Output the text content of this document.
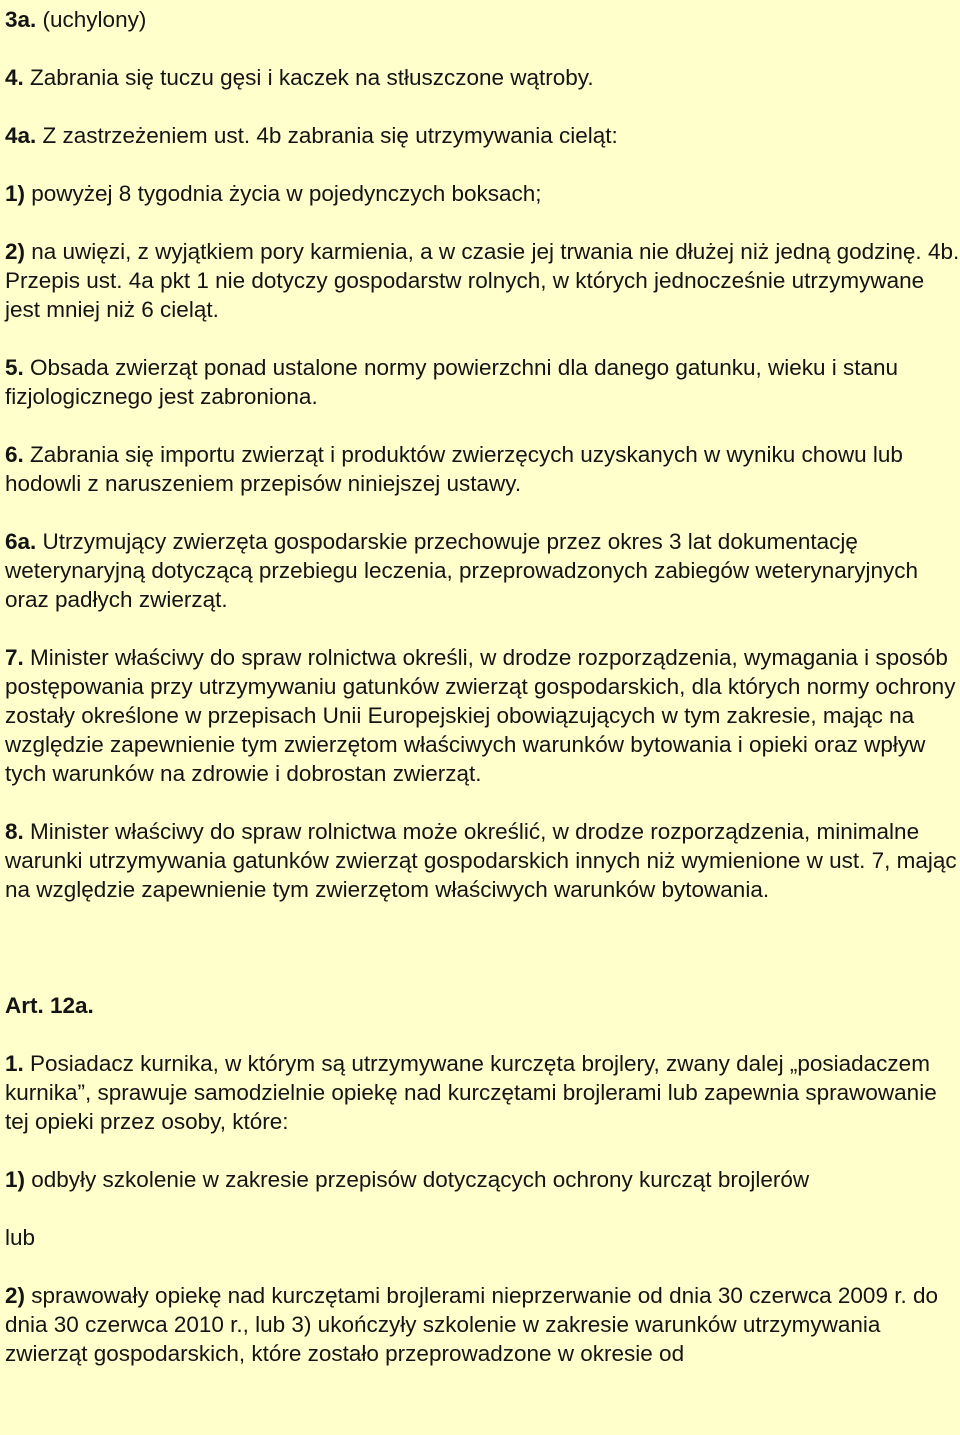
3a. (uchylony)

4. Zabrania się tuczu gęsi i kaczek na stłuszczone wątroby.

4a. Z zastrzeżeniem ust. 4b zabrania się utrzymywania cieląt:

1) powyżej 8 tygodnia życia w pojedynczych boksach;

2) na uwięzi, z wyjątkiem pory karmienia, a w czasie jej trwania nie dłużej niż jedną godzinę. 4b. Przepis ust. 4a pkt 1 nie dotyczy gospodarstw rolnych, w których jednocześnie utrzymywane jest mniej niż 6 cieląt.

5. Obsada zwierząt ponad ustalone normy powierzchni dla danego gatunku, wieku i stanu fizjologicznego jest zabroniona.

6. Zabrania się importu zwierząt i produktów zwierzęcych uzyskanych w wyniku chowu lub hodowli z naruszeniem przepisów niniejszej ustawy.

6a. Utrzymujący zwierzęta gospodarskie przechowuje przez okres 3 lat dokumentację weterynaryjną dotyczącą przebiegu leczenia, przeprowadzonych zabiegów weterynaryjnych oraz padłych zwierząt.

7. Minister właściwy do spraw rolnictwa określi, w drodze rozporządzenia, wymagania i sposób postępowania przy utrzymywaniu gatunków zwierząt gospodarskich, dla których normy ochrony zostały określone w przepisach Unii Europejskiej obowiązujących w tym zakresie, mając na względzie zapewnienie tym zwierzętom właściwych warunków bytowania i opieki oraz wpływ tych warunków na zdrowie i dobrostan zwierząt.

8. Minister właściwy do spraw rolnictwa może określić, w drodze rozporządzenia, minimalne warunki utrzymywania gatunków zwierząt gospodarskich innych niż wymienione w ust. 7, mając na względzie zapewnienie tym zwierzętom właściwych warunków bytowania.

Art. 12a.

1. Posiadacz kurnika, w którym są utrzymywane kurczęta brojlery, zwany dalej „posiadaczem kurnika”, sprawuje samodzielnie opiekę nad kurczętami brojlerami lub zapewnia sprawowanie tej opieki przez osoby, które:

1) odbyły szkolenie w zakresie przepisów dotyczących ochrony kurcząt brojlerów

lub

2) sprawowały opiekę nad kurczętami brojlerami nieprzerwanie od dnia 30 czerwca 2009 r. do dnia 30 czerwca 2010 r., lub 3) ukończyły szkolenie w zakresie warunków utrzymywania zwierząt gospodarskich, które zostało przeprowadzone w okresie od
